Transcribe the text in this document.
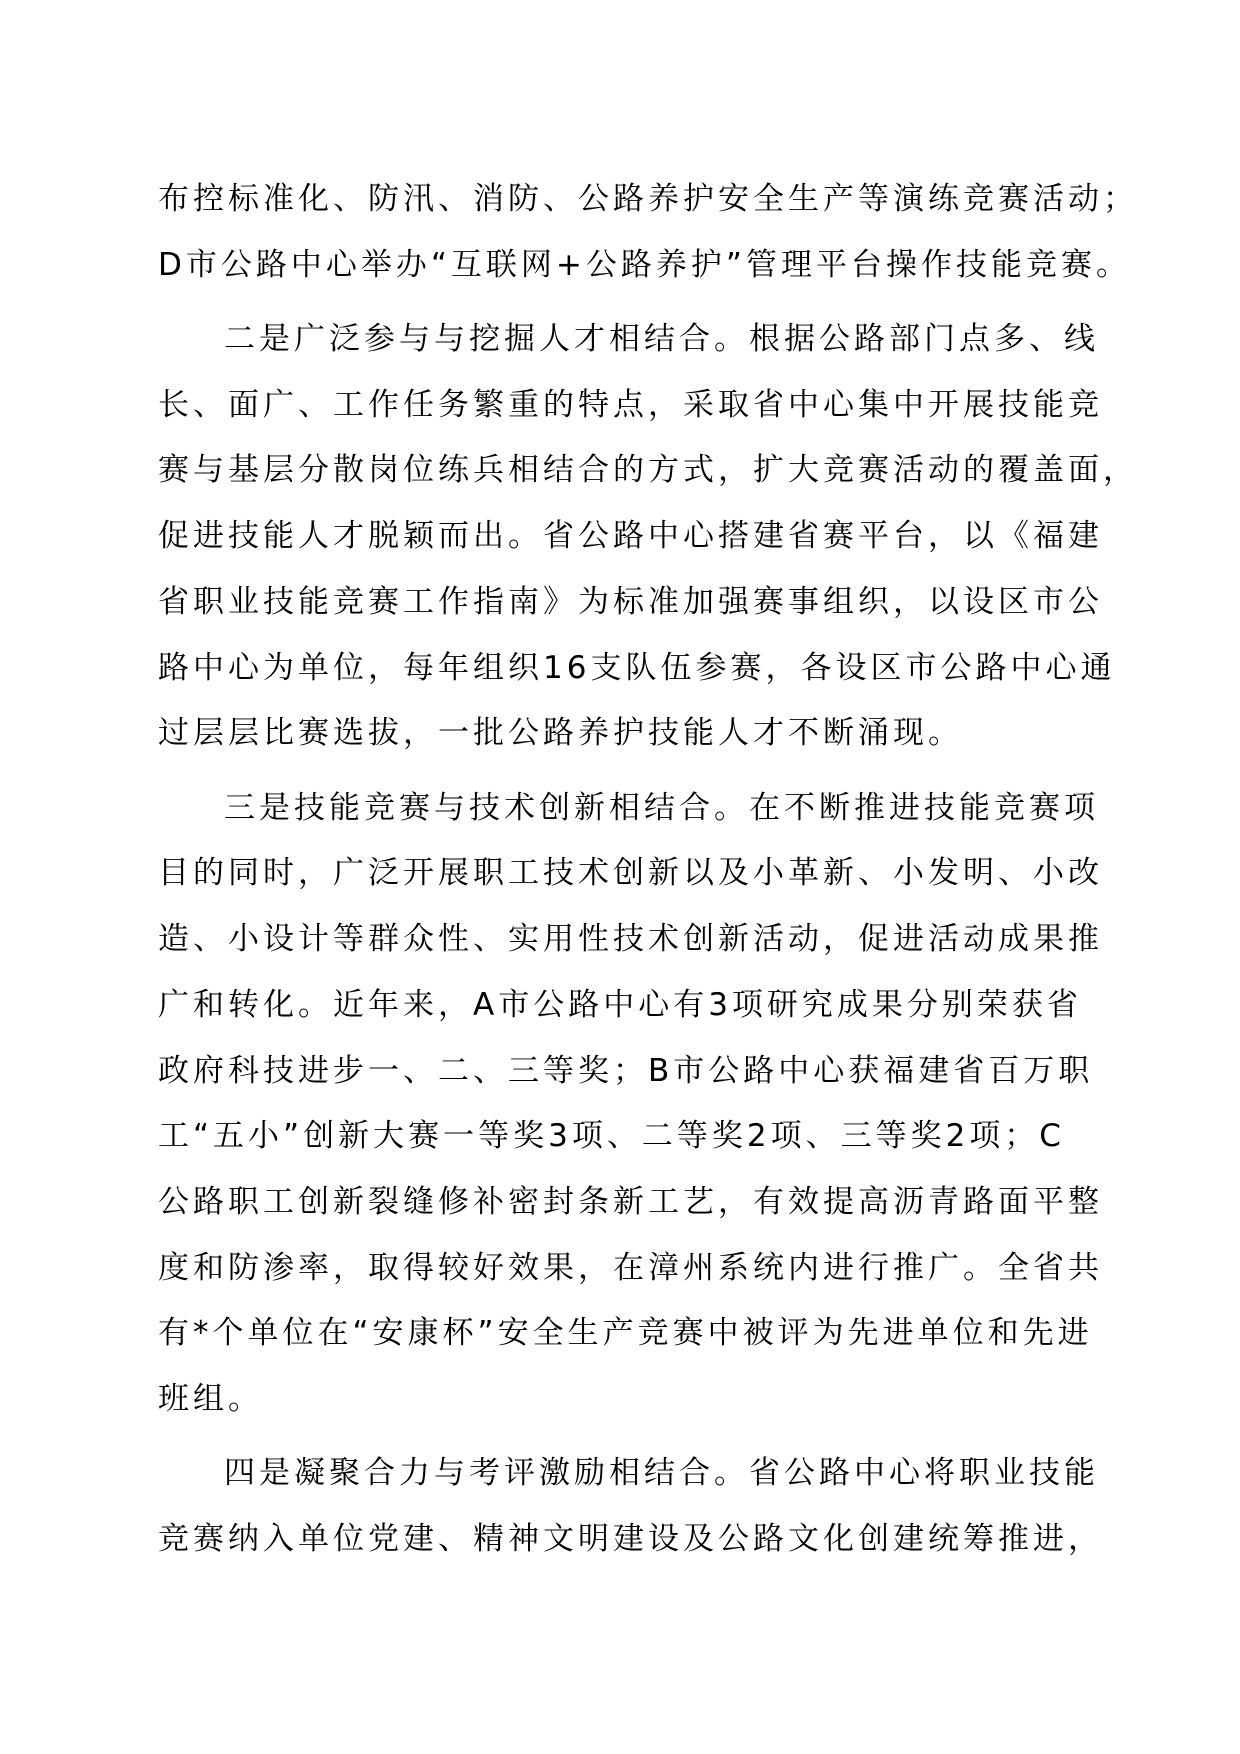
布控标准化、防汛、消防、公路养护安全生产等演练竞赛活动；
D市公路中心举办“互联网+公路养护”管理平台操作技能竞赛。
二是广泛参与与挖掘人才相结合。根据公路部门点多、线
长、面广、工作任务繁重的特点，采取省中心集中开展技能竞
赛与基层分散岗位练兵相结合的方式，扩大竞赛活动的覆盖面，
促进技能人才脱颖而出。省公路中心搭建省赛平台，以《福建
省职业技能竞赛工作指南》为标准加强赛事组织，以设区市公
路中心为单位，每年组织16支队伍参赛，各设区市公路中心通
过层层比赛选拔，一批公路养护技能人才不断涌现。
三是技能竞赛与技术创新相结合。在不断推进技能竞赛项
目的同时，广泛开展职工技术创新以及小革新、小发明、小改
造、小设计等群众性、实用性技术创新活动，促进活动成果推
广和转化。近年来，A市公路中心有3项研究成果分别荣获省
政府科技进步一、二、三等奖；B市公路中心获福建省百万职
工“五小”创新大赛一等奖3项、二等奖2项、三等奖2项；C
公路职工创新裂缝修补密封条新工艺，有效提高沥青路面平整
度和防渗率，取得较好效果，在漳州系统内进行推广。全省共
有*个单位在“安康杯”安全生产竞赛中被评为先进单位和先进
班组。
四是凝聚合力与考评激励相结合。省公路中心将职业技能
竞赛纳入单位党建、精神文明建设及公路文化创建统筹推进，
